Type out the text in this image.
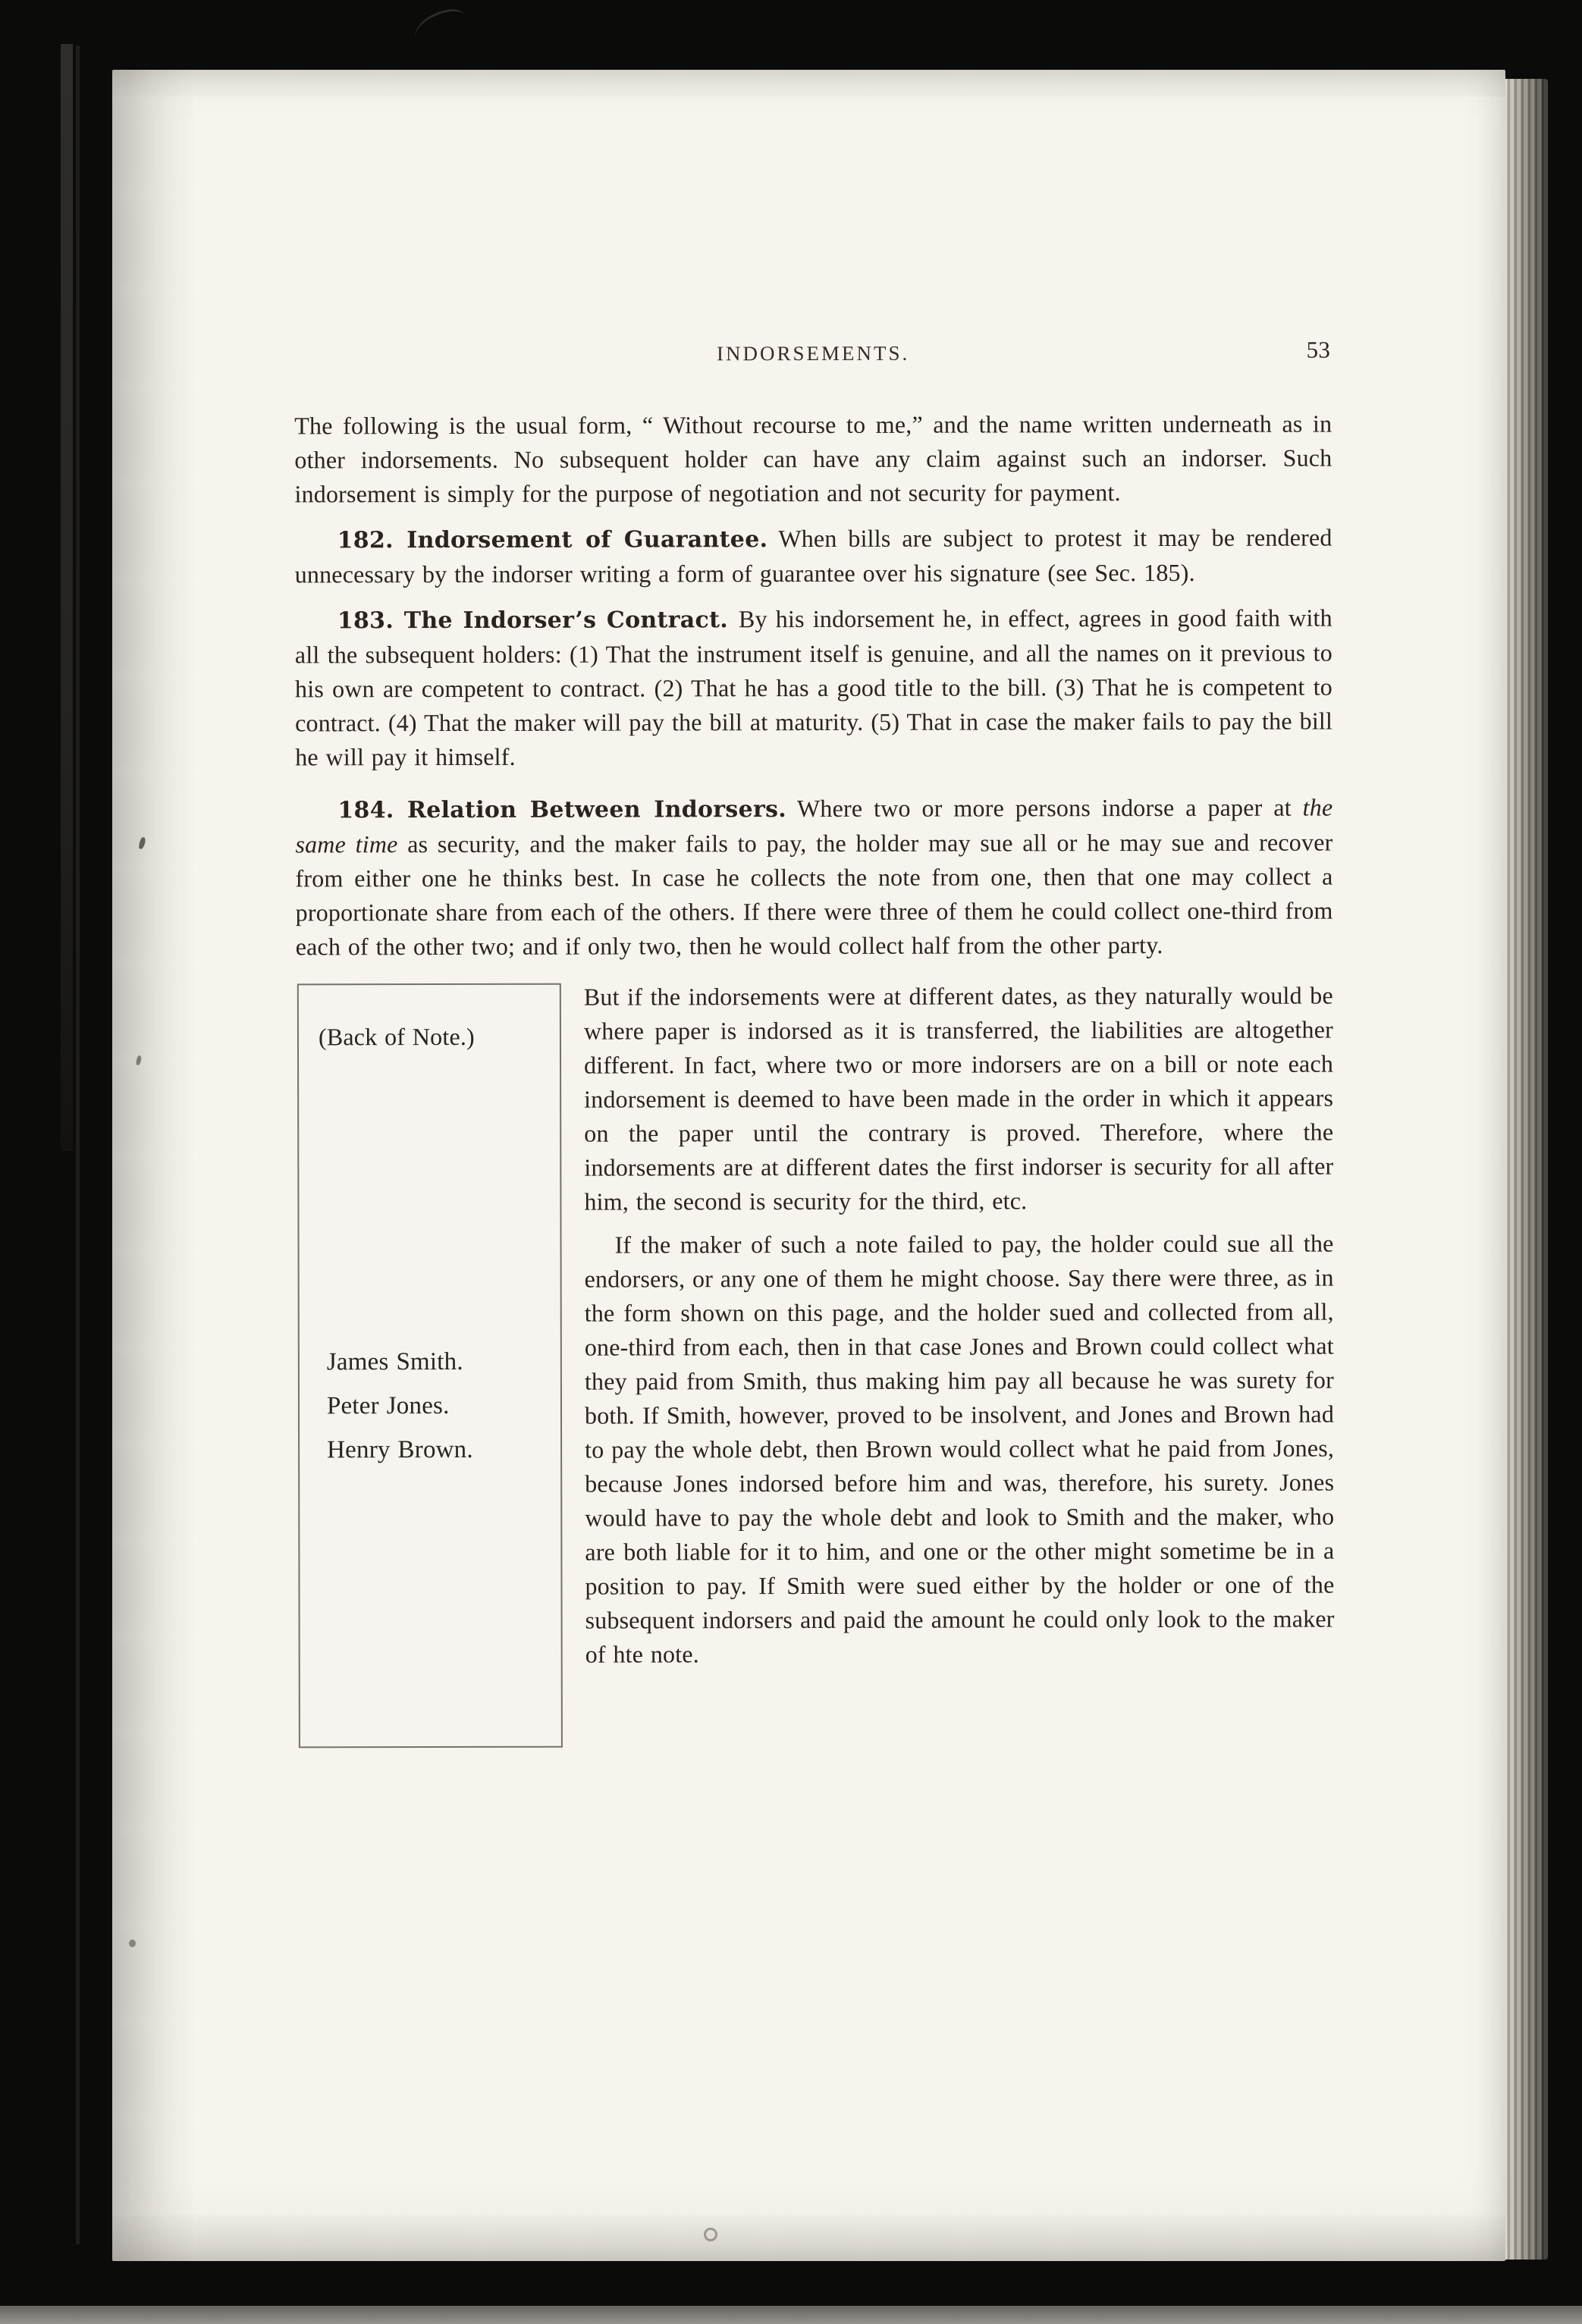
INDORSEMENTS.	53

The following is the usual form, “ Without recourse to me,” and the name written underneath as in other indorsements. No subsequent holder can have any claim against such an indorser. Such indorsement is simply for the purpose of negotiation and not security for payment.

182. Indorsement of Guarantee. When bills are subject to protest it may be rendered unnecessary by the indorser writing a form of guarantee over his signature (see Sec. 185).

183. The Indorser’s Contract. By his indorsement he, in effect, agrees in good faith with all the subsequent holders: (1) That the instrument itself is genuine, and all the names on it previous to his own are competent to contract. (2) That he has a good title to the bill. (3) That he is competent to contract. (4) That the maker will pay the bill at maturity. (5) That in case the maker fails to pay the bill he will pay it himself.

184. Relation Between Indorsers. Where two or more persons indorse a paper at the same time as security, and the maker fails to pay, the holder may sue all or he may sue and recover from either one he thinks best. In case he collects the note from one, then that one may collect a proportionate share from each of the others. If there were three of them he could collect one-third from each of the other two; and if only two, then he would collect half from the other party.

(Back of Note.)
James Smith.
Peter Jones.
Henry Brown.

But if the indorsements were at different dates, as they naturally would be where paper is indorsed as it is transferred, the liabilities are altogether different. In fact, where two or more indorsers are on a bill or note each indorsement is deemed to have been made in the order in which it appears on the paper until the contrary is proved. Therefore, where the indorsements are at different dates the first indorser is security for all after him, the second is security for the third, etc.

If the maker of such a note failed to pay, the holder could sue all the endorsers, or any one of them he might choose. Say there were three, as in the form shown on this page, and the holder sued and collected from all, one-third from each, then in that case Jones and Brown could collect what they paid from Smith, thus making him pay all because he was surety for both. If Smith, however, proved to be insolvent, and Jones and Brown had to pay the whole debt, then Brown would collect what he paid from Jones, because Jones indorsed before him and was, therefore, his surety. Jones would have to pay the whole debt and look to Smith and the maker, who are both liable for it to him, and one or the other might sometime be in a position to pay. If Smith were sued either by the holder or one of the subsequent indorsers and paid the amount he could only look to the maker of hte note.
